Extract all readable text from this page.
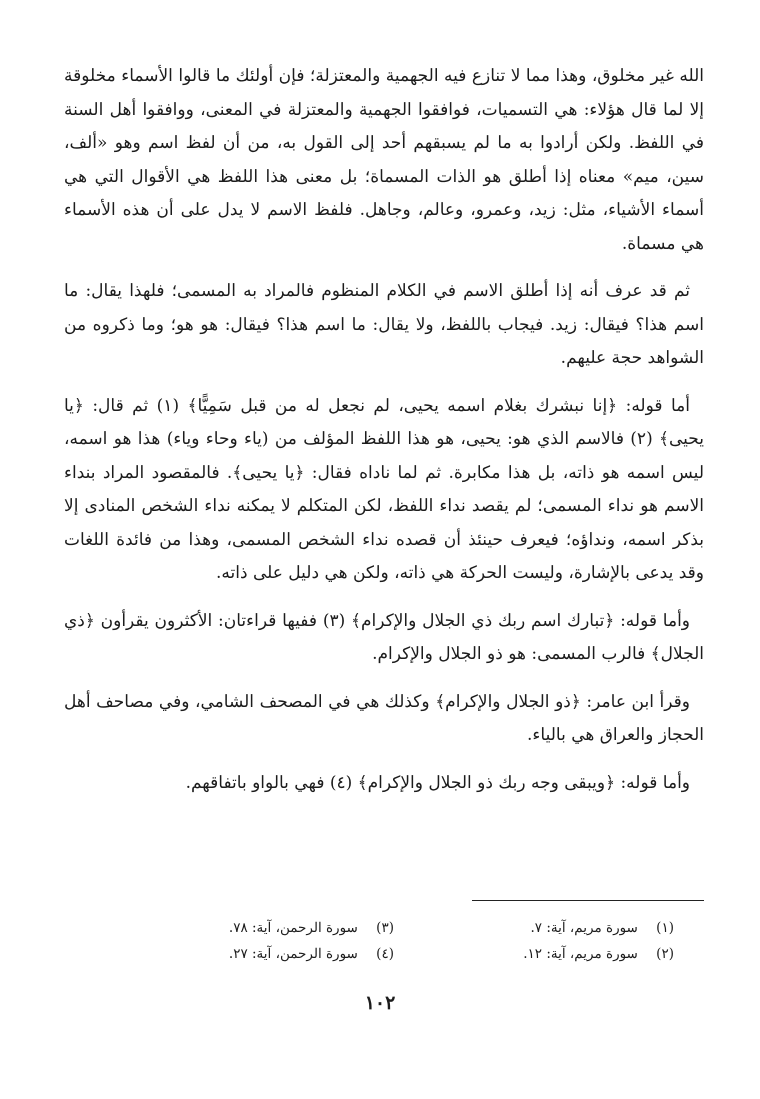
الله غير مخلوق، وهذا مما لا تنازع فيه الجهمية والمعتزلة؛ فإن أولئك ما قالوا الأسماء مخلوقة إلا لما قال هؤلاء: هي التسميات، فوافقوا الجهمية والمعتزلة في المعنى، ووافقوا أهل السنة في اللفظ. ولكن أرادوا به ما لم يسبقهم أحد إلى القول به، من أن لفظ اسم وهو «ألف، سين، ميم» معناه إذا أطلق هو الذات المسماة؛ بل معنى هذا اللفظ هي الأقوال التي هي أسماء الأشياء، مثل: زيد، وعمرو، وعالم، وجاهل. فلفظ الاسم لا يدل على أن هذه الأسماء هي مسماة.

ثم قد عرف أنه إذا أطلق الاسم في الكلام المنظوم فالمراد به المسمى؛ فلهذا يقال: ما اسم هذا؟ فيقال: زيد. فيجاب باللفظ، ولا يقال: ما اسم هذا؟ فيقال: هو هو؛ وما ذكروه من الشواهد حجة عليهم.

أما قوله: ﴿إنا نبشرك بغلام اسمه يحيى، لم نجعل له من قبل سَمِيًّا﴾ (١) ثم قال: ﴿يا يحيى﴾ (٢) فالاسم الذي هو: يحيى، هو هذا اللفظ المؤلف من (ياء وحاء وياء) هذا هو اسمه، ليس اسمه هو ذاته، بل هذا مكابرة. ثم لما ناداه فقال: ﴿يا يحيى﴾. فالمقصود المراد بنداء الاسم هو نداء المسمى؛ لم يقصد نداء اللفظ، لكن المتكلم لا يمكنه نداء الشخص المنادى إلا بذكر اسمه، ونداؤه؛ فيعرف حينئذ أن قصده نداء الشخص المسمى، وهذا من فائدة اللغات وقد يدعى بالإشارة، وليست الحركة هي ذاته، ولكن هي دليل على ذاته.

وأما قوله: ﴿تبارك اسم ربك ذي الجلال والإكرام﴾ (٣) ففيها قراءتان: الأكثرون يقرأون ﴿ذي الجلال﴾ فالرب المسمى: هو ذو الجلال والإكرام.

وقرأ ابن عامر: ﴿ذو الجلال والإكرام﴾ وكذلك هي في المصحف الشامي، وفي مصاحف أهل الحجاز والعراق هي بالياء.

وأما قوله: ﴿ويبقى وجه ربك ذو الجلال والإكرام﴾ (٤) فهي بالواو باتفاقهم.

(١) سورة مريم، آية: ٧.
(٣) سورة الرحمن، آية: ٧٨.
(٢) سورة مريم، آية: ١٢.
(٤) سورة الرحمن، آية: ٢٧.
١٠٢
